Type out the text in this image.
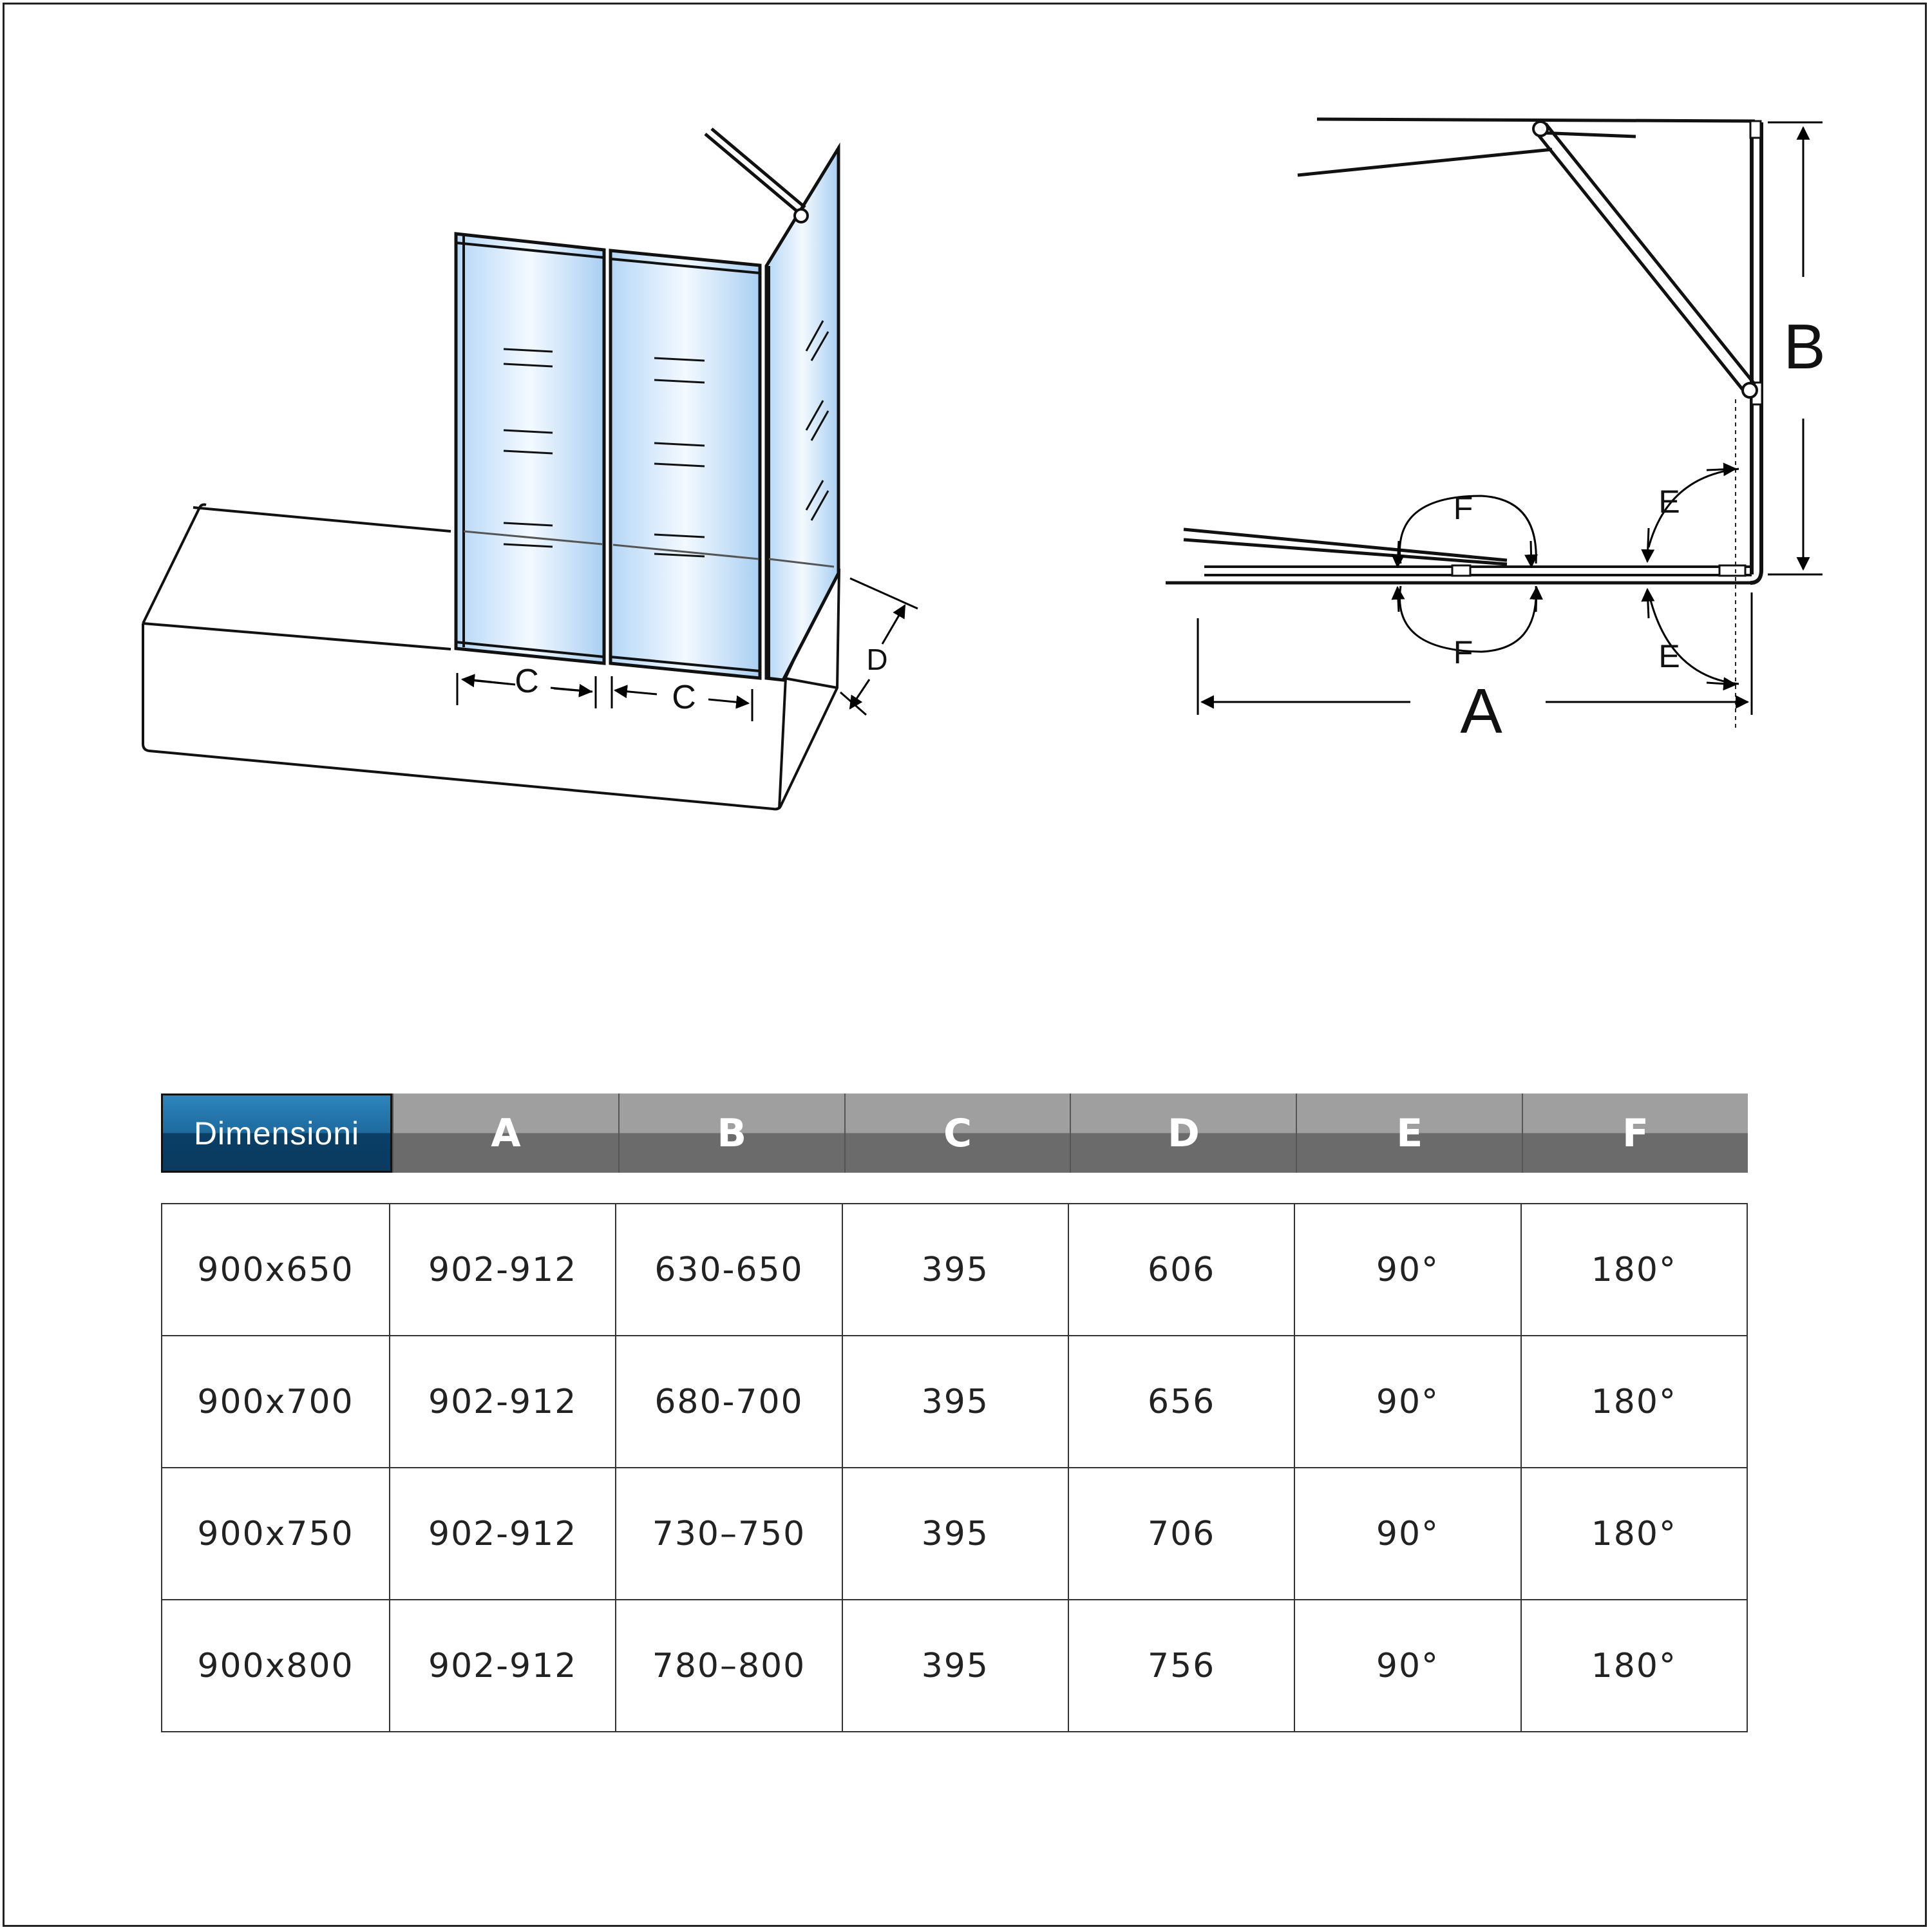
C	C
D
B
A
E
E
F
F
Dimensioni	A	B	C	D	E	F
900x650	902-912	630-650	395	606	90°	180°
900x700	902-912	680-700	395	656	90°	180°
900x750	902-912	730–750	395	706	90°	180°
900x800	902-912	780–800	395	756	90°	180°
